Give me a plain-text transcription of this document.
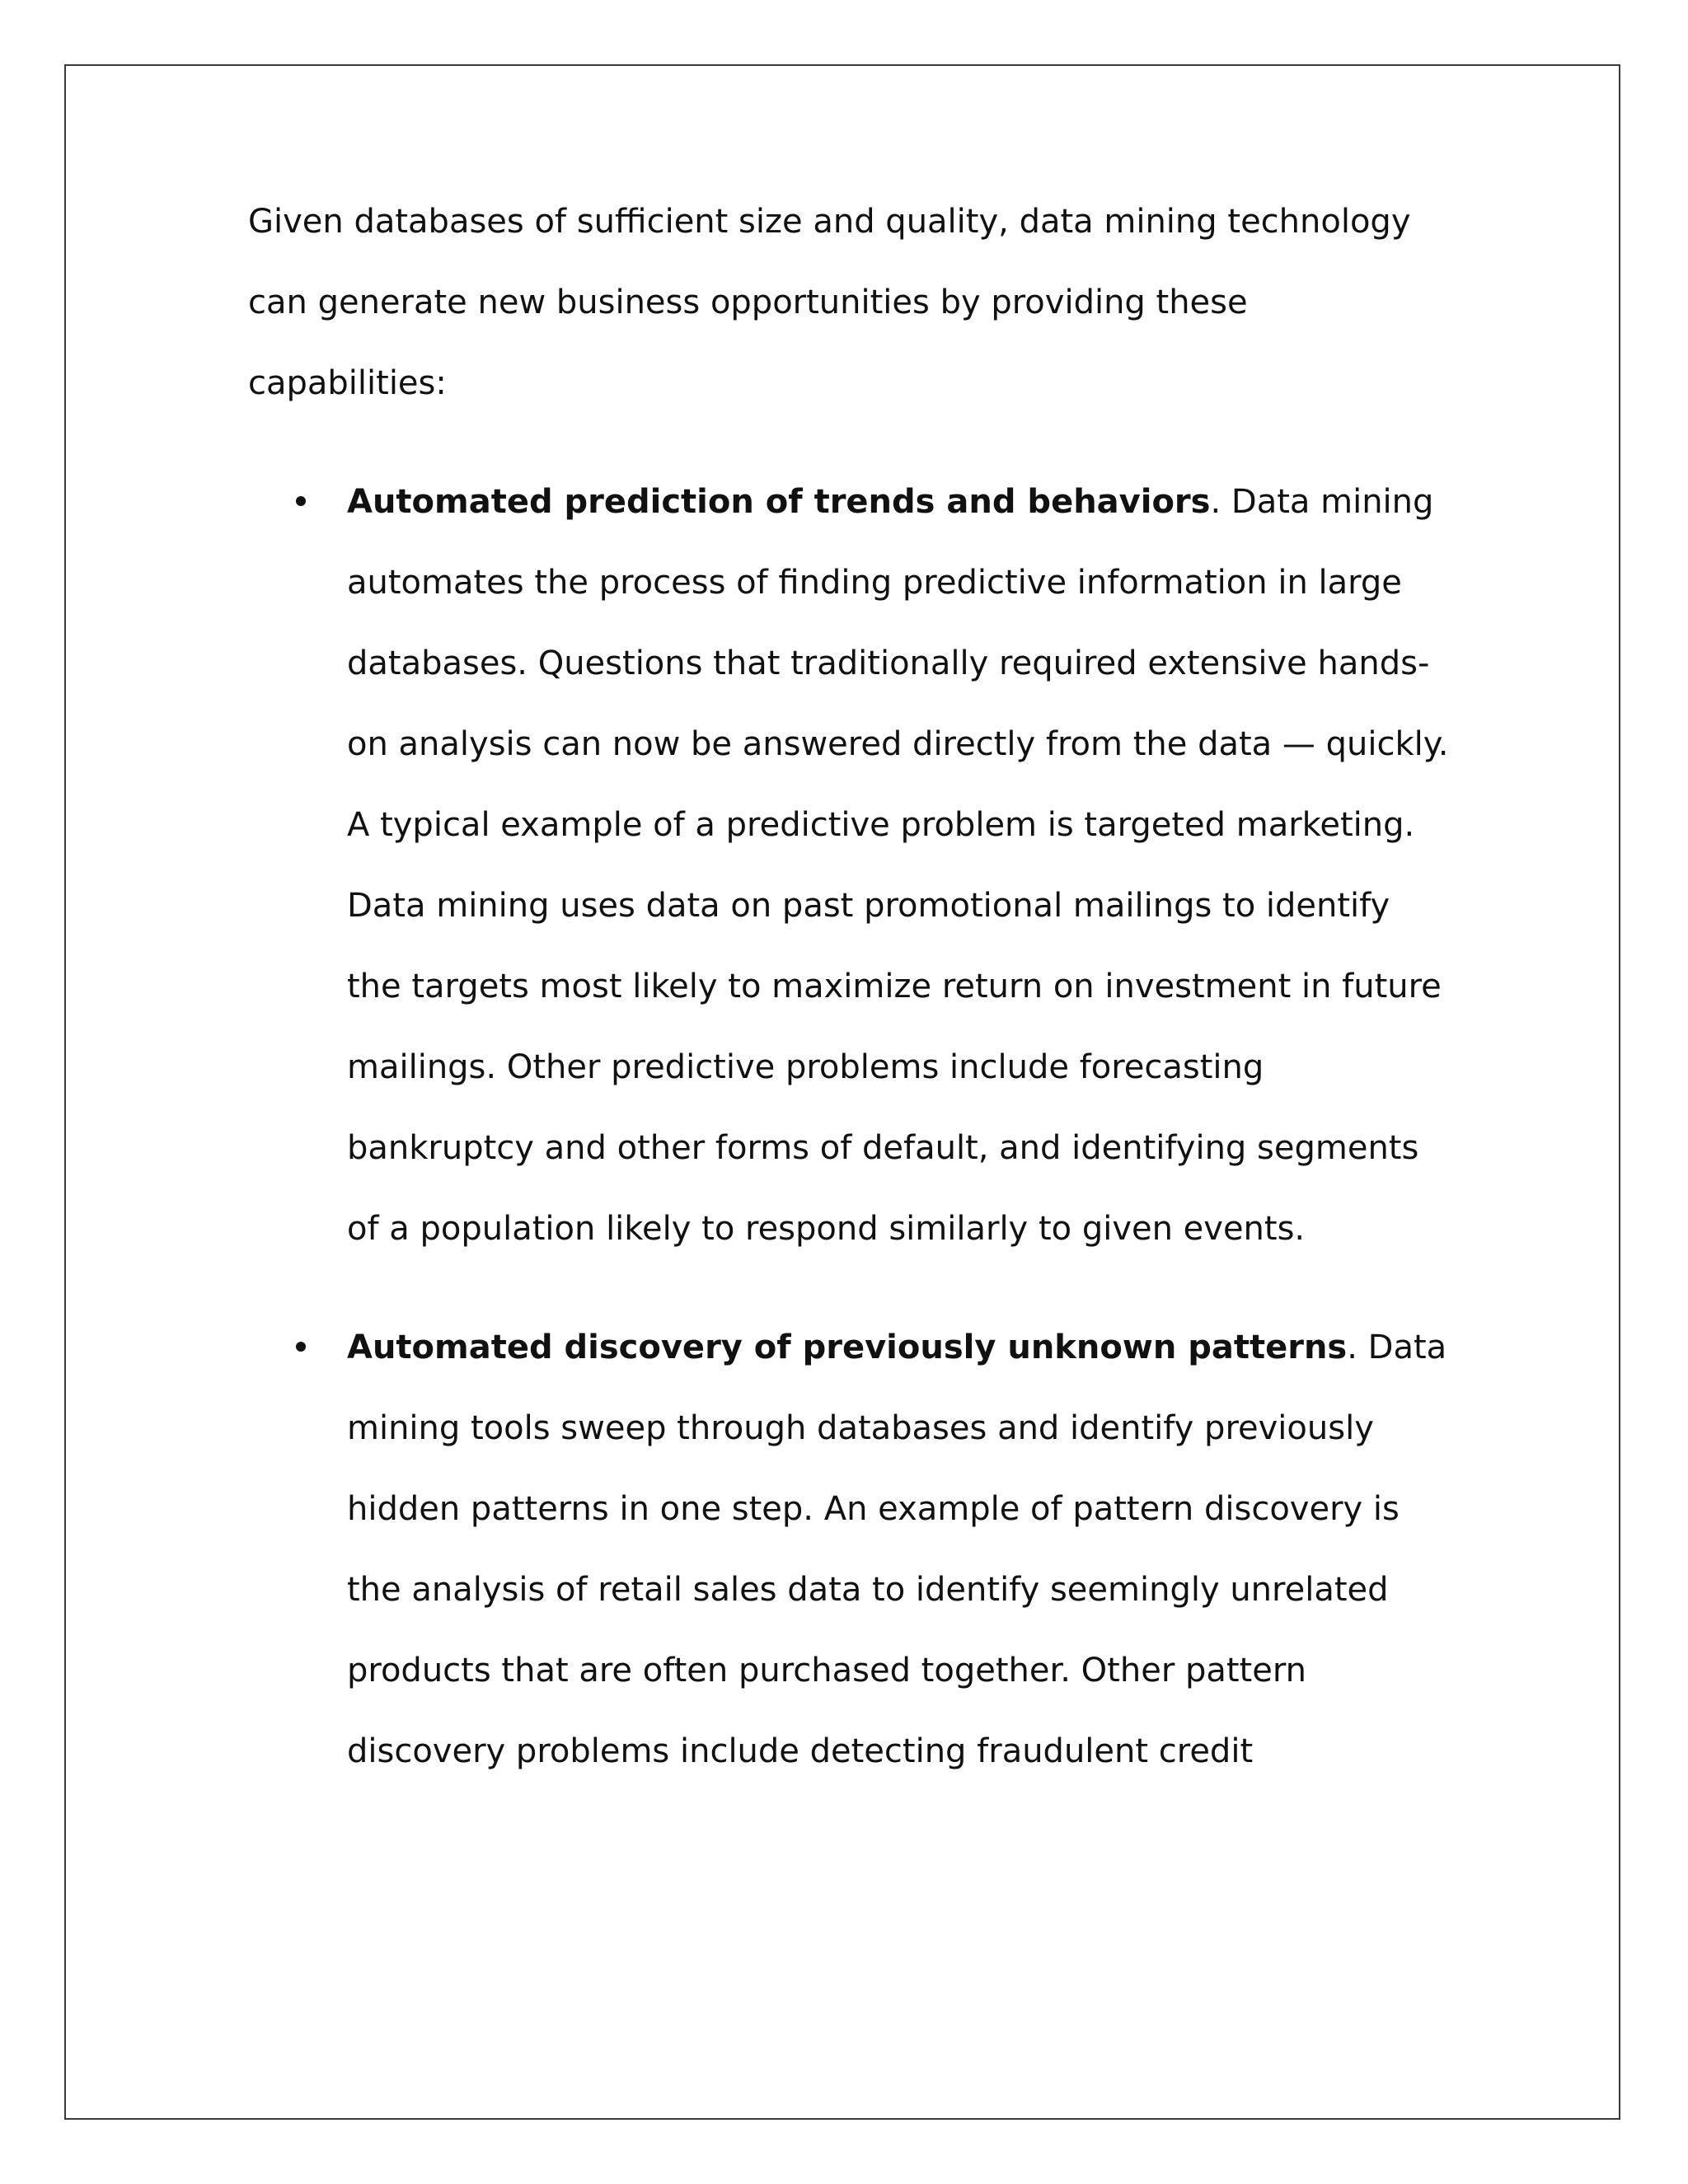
Given databases of sufficient size and quality, data mining technology can generate new business opportunities by providing these capabilities:

Automated prediction of trends and behaviors. Data mining automates the process of finding predictive information in large databases. Questions that traditionally required extensive hands-on analysis can now be answered directly from the data — quickly. A typical example of a predictive problem is targeted marketing. Data mining uses data on past promotional mailings to identify the targets most likely to maximize return on investment in future mailings. Other predictive problems include forecasting bankruptcy and other forms of default, and identifying segments of a population likely to respond similarly to given events.
Automated discovery of previously unknown patterns. Data mining tools sweep through databases and identify previously hidden patterns in one step. An example of pattern discovery is the analysis of retail sales data to identify seemingly unrelated products that are often purchased together. Other pattern discovery problems include detecting fraudulent credit
